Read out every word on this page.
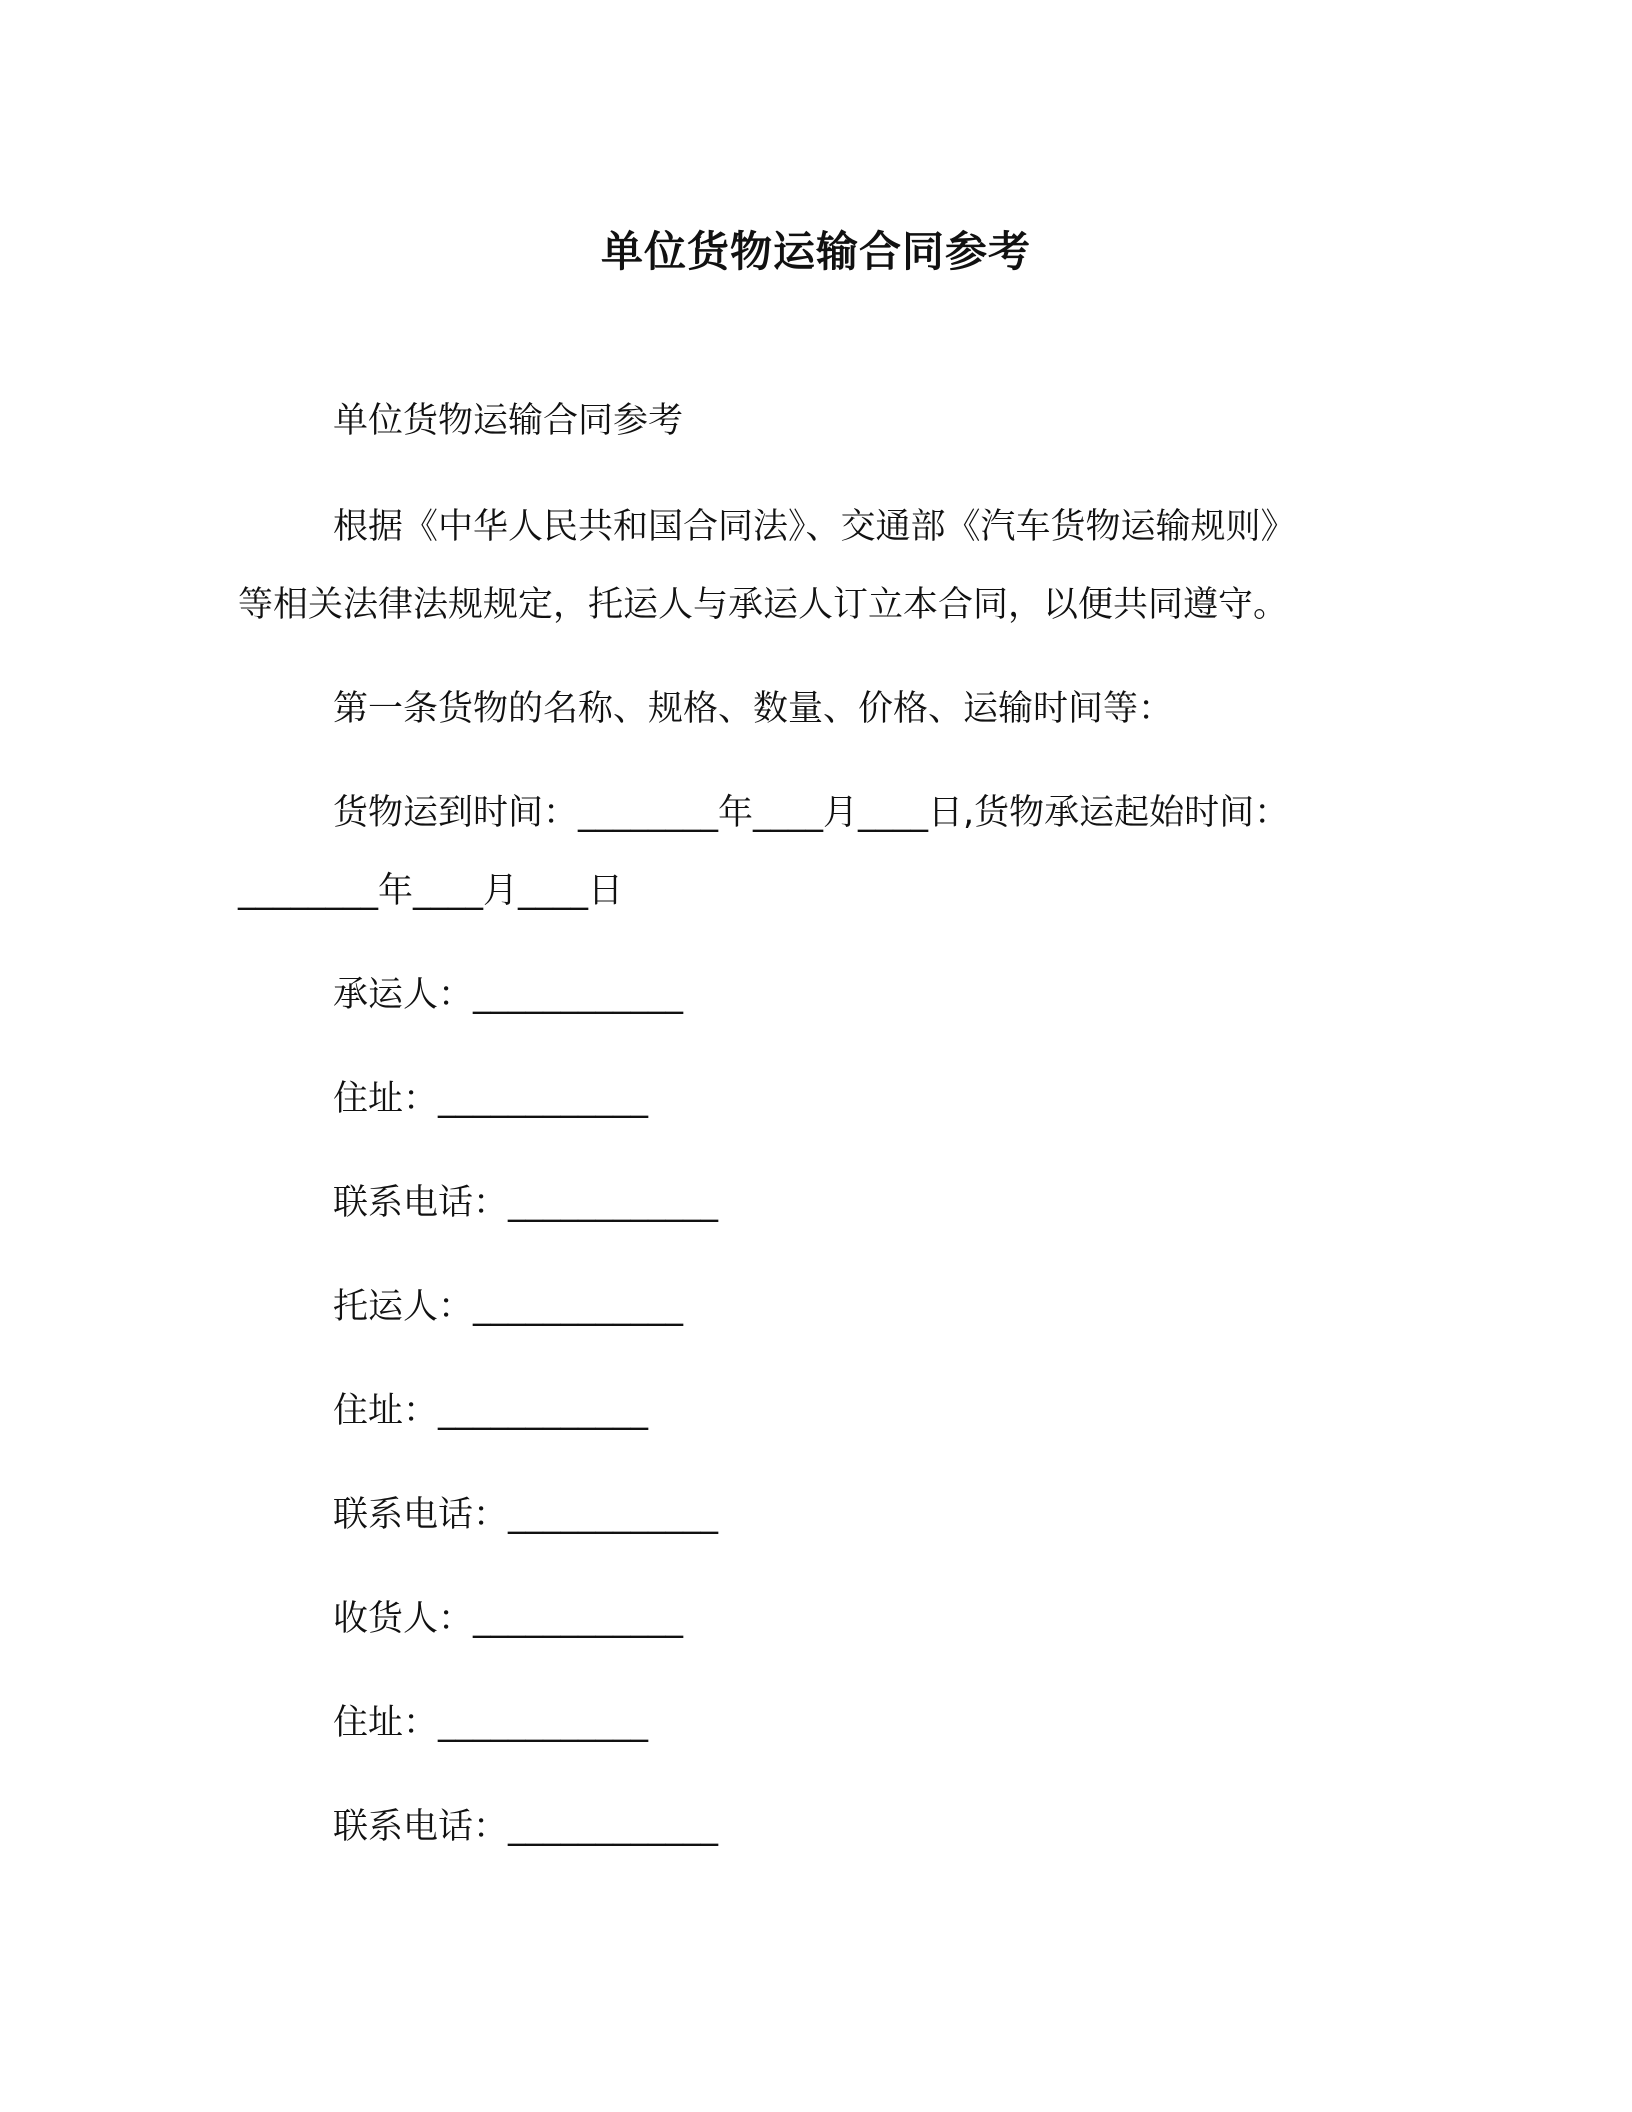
单位货物运输合同参考
单位货物运输合同参考
根据《中华人民共和国合同法》、交通部《汽车货物运输规则》
等相关法律法规规定，托运人与承运人订立本合同，以便共同遵守。
第一条货物的名称、规格、数量、价格、运输时间等：
货物运到时间：________年____月____日,货物承运起始时间：
________年____月____日
承运人：____________
住址：____________
联系电话：____________
托运人：____________
住址：____________
联系电话：____________
收货人：____________
住址：____________
联系电话：____________
